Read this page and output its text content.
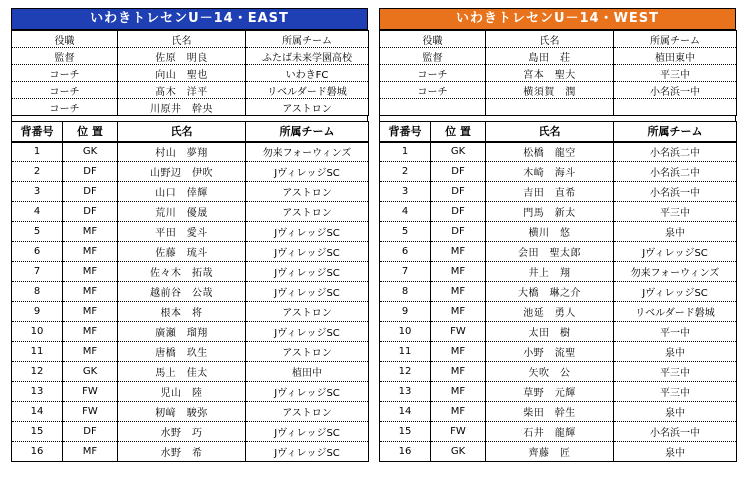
いわきトレセンU－14・EAST
役職	氏名	所属チーム
監督	佐原　明良	ふたば未来学園高校
コーチ	向山　聖也	いわきFC
コーチ	髙木　洋平	リベルダード磐城
コーチ	川原井　幹央	アストロン
背番号	位 置	氏名	所属チーム
1	GK	村山　夢翔	勿来フォーウィンズ
2	DF	山野辺　伊吹	JヴィレッジSC
3	DF	山口　倖輝	アストロン
4	DF	荒川　優晟	アストロン
5	MF	平田　愛斗	JヴィレッジSC
6	MF	佐藤　琉斗	JヴィレッジSC
7	MF	佐々木　拓哉	JヴィレッジSC
8	MF	越前谷　公哉	JヴィレッジSC
9	MF	根本　将	アストロン
10	MF	廣瀬　瑠翔	JヴィレッジSC
11	MF	唐橋　玖生	アストロン
12	GK	馬上　佳太	植田中
13	FW	児山　陸	JヴィレッジSC
14	FW	籾﨑　駿弥	アストロン
15	DF	水野　巧	JヴィレッジSC
16	MF	水野　希	JヴィレッジSC
いわきトレセンU－14・WEST
役職	氏名	所属チーム
監督	島田　荘	植田東中
コーチ	宮本　聖大	平三中
コーチ	横須賀　潤	小名浜一中

背番号	位 置	氏名	所属チーム
1	GK	松橋　龍空	小名浜二中
2	DF	木崎　海斗	小名浜二中
3	DF	吉田　直希	小名浜一中
4	DF	門馬　新太	平三中
5	DF	横川　悠	泉中
6	MF	会田　聖太郎	JヴィレッジSC
7	MF	井上　翔	勿来フォーウィンズ
8	MF	大橋　琳之介	JヴィレッジSC
9	MF	池延　勇人	リベルダード磐城
10	FW	太田　樹	平一中
11	MF	小野　流聖	泉中
12	MF	矢吹　公	平三中
13	MF	草野　元輝	平三中
14	MF	柴田　幹生	泉中
15	FW	石井　龍輝	小名浜一中
16	GK	齊藤　匠	泉中
